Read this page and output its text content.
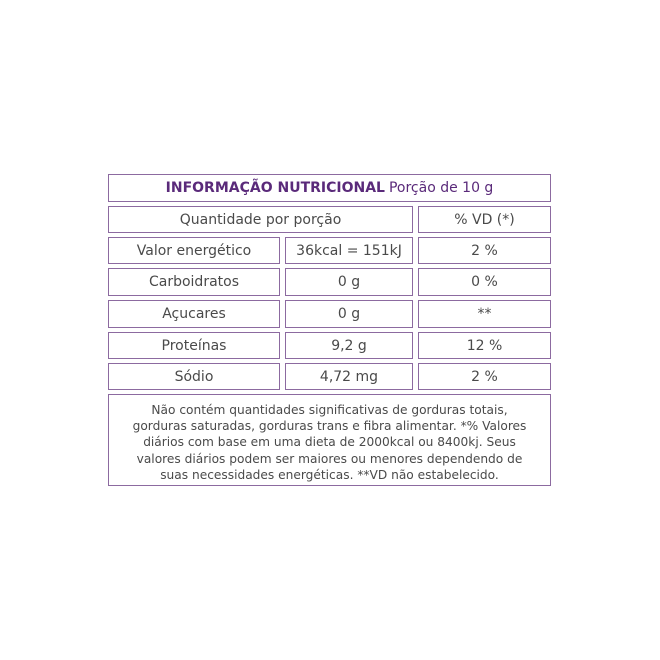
INFORMAÇÃO NUTRICIONAL Porção de 10 g
Quantidade por porção	% VD (*)
Valor energético	36kcal = 151kJ	2 %
Carboidratos	0 g	0 %
Açucares	0 g	**
Proteínas	9,2 g	12 %
Sódio	4,72 mg	2 %
Não contém quantidades significativas de gorduras totais, gorduras saturadas, gorduras trans e fibra alimentar. *% Valores diários com base em uma dieta de 2000kcal ou 8400kj. Seus valores diários podem ser maiores ou menores dependendo de suas necessidades energéticas. **VD não estabelecido.
